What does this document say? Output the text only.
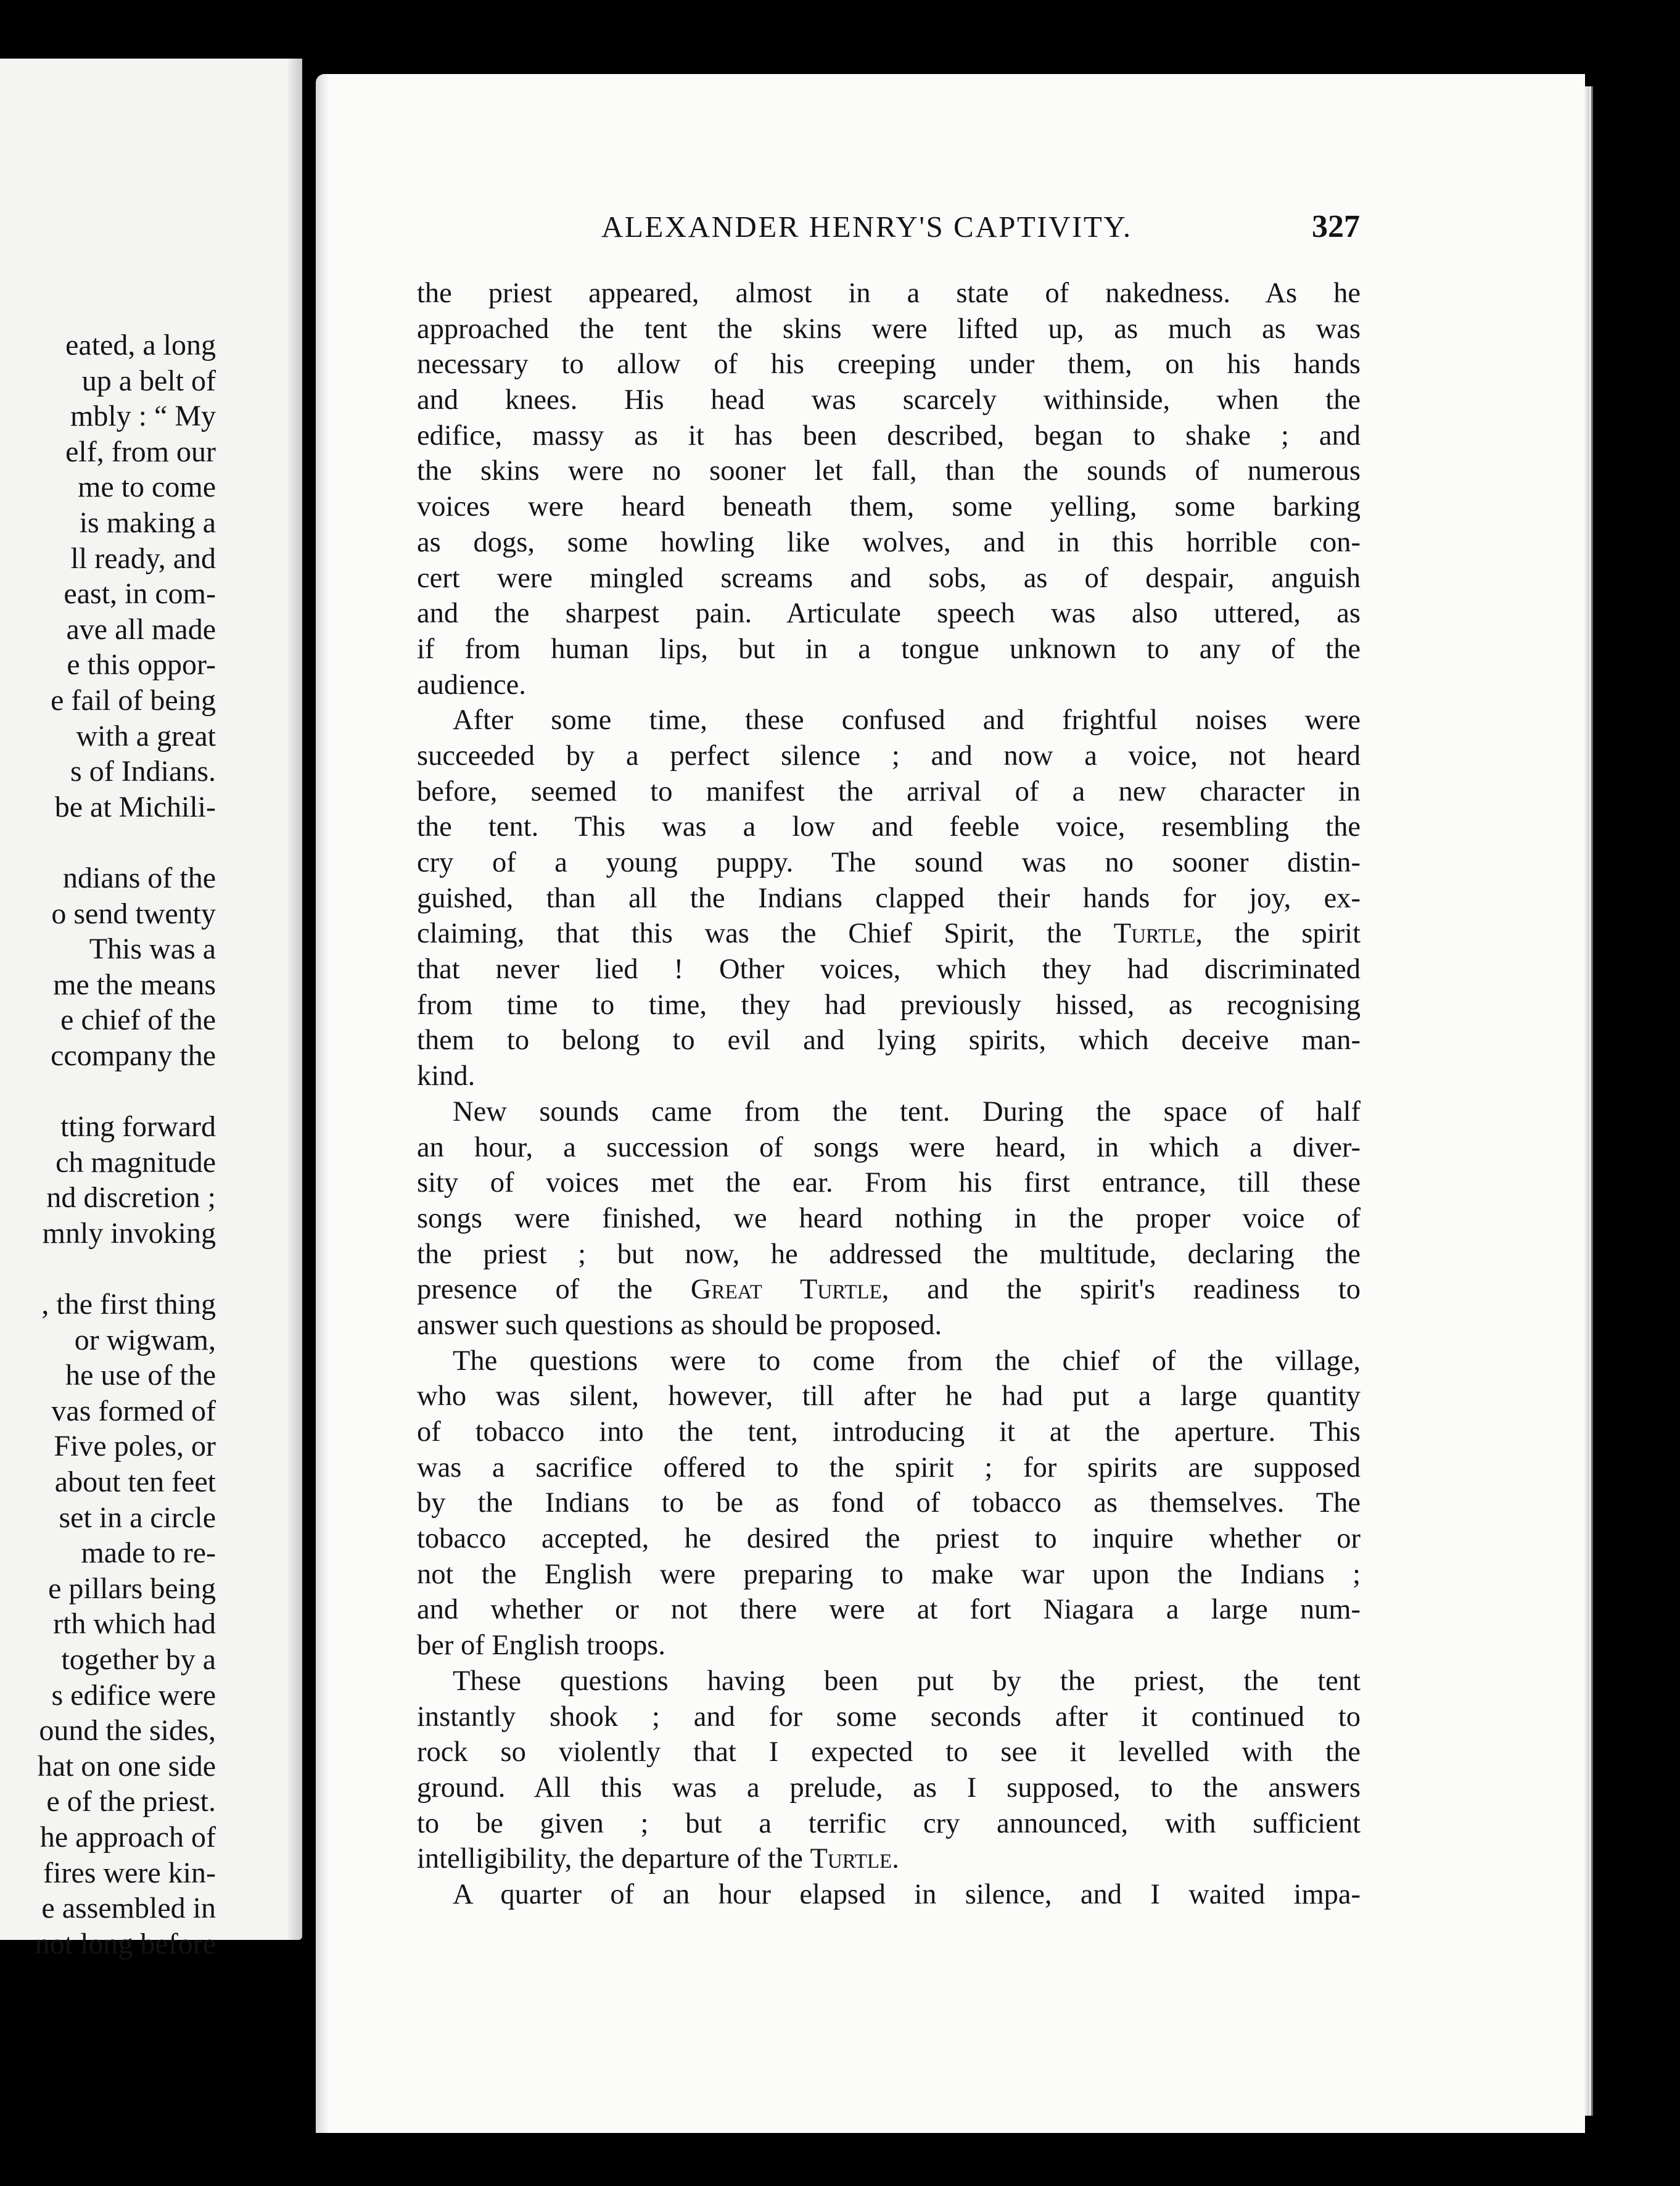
eated, a long
up a belt of
mbly : “ My
elf, from our
me to come
is making a
ll ready, and
east, in com-
ave all made
e this oppor-
e fail of being
with a great
s of Indians.
be at Michili-

ndians of the
o send twenty
This was a
me the means
e chief of the
ccompany the

tting forward
ch magnitude
nd discretion ;
mnly invoking

, the first thing
or wigwam,
he use of the
vas formed of
Five poles, or
about ten feet
set in a circle
made to re-
e pillars being
rth which had
together by a
s edifice were
ound the sides,
hat on one side
e of the priest.
he approach of
fires were kin-
e assembled in
not long before
ALEXANDER HENRY'S CAPTIVITY.	327
the priest appeared, almost in a state of nakedness. As he
approached the tent the skins were lifted up, as much as was
necessary to allow of his creeping under them, on his hands
and knees. His head was scarcely withinside, when the
edifice, massy as it has been described, began to shake ; and
the skins were no sooner let fall, than the sounds of numerous
voices were heard beneath them, some yelling, some barking
as dogs, some howling like wolves, and in this horrible con-
cert were mingled screams and sobs, as of despair, anguish
and the sharpest pain. Articulate speech was also uttered, as
if from human lips, but in a tongue unknown to any of the
audience.
After some time, these confused and frightful noises were
succeeded by a perfect silence ; and now a voice, not heard
before, seemed to manifest the arrival of a new character in
the tent. This was a low and feeble voice, resembling the
cry of a young puppy. The sound was no sooner distin-
guished, than all the Indians clapped their hands for joy, ex-
claiming, that this was the Chief Spirit, the Turtle, the spirit
that never lied ! Other voices, which they had discriminated
from time to time, they had previously hissed, as recognising
them to belong to evil and lying spirits, which deceive man-
kind.
New sounds came from the tent. During the space of half
an hour, a succession of songs were heard, in which a diver-
sity of voices met the ear. From his first entrance, till these
songs were finished, we heard nothing in the proper voice of
the priest ; but now, he addressed the multitude, declaring the
presence of the Great Turtle, and the spirit's readiness to
answer such questions as should be proposed.
The questions were to come from the chief of the village,
who was silent, however, till after he had put a large quantity
of tobacco into the tent, introducing it at the aperture. This
was a sacrifice offered to the spirit ; for spirits are supposed
by the Indians to be as fond of tobacco as themselves. The
tobacco accepted, he desired the priest to inquire whether or
not the English were preparing to make war upon the Indians ;
and whether or not there were at fort Niagara a large num-
ber of English troops.
These questions having been put by the priest, the tent
instantly shook ; and for some seconds after it continued to
rock so violently that I expected to see it levelled with the
ground. All this was a prelude, as I supposed, to the answers
to be given ; but a terrific cry announced, with sufficient
intelligibility, the departure of the Turtle.
A quarter of an hour elapsed in silence, and I waited impa-
